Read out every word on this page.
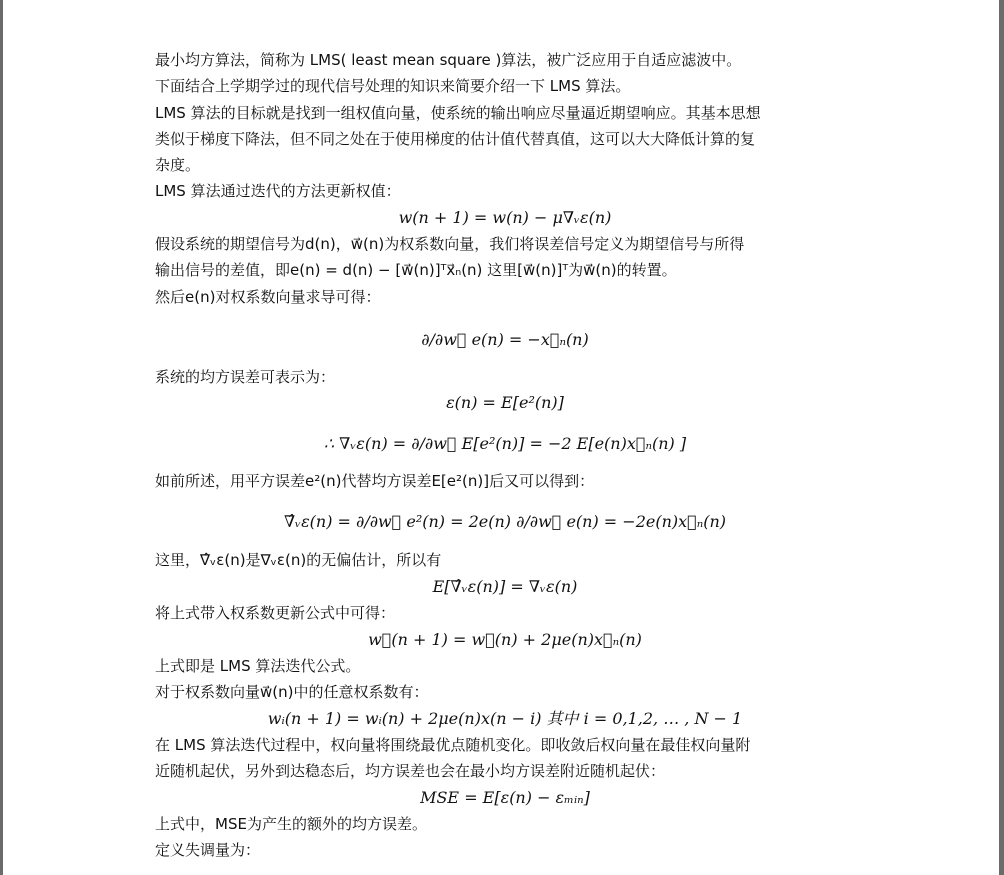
最小均方算法，简称为 LMS( least mean square )算法，被广泛应用于自适应滤波中。
下面结合上学期学过的现代信号处理的知识来简要介绍一下 LMS 算法。
LMS 算法的目标就是找到一组权值向量，使系统的输出响应尽量逼近期望响应。其基本思想
类似于梯度下降法，但不同之处在于使用梯度的估计值代替真值，这可以大大降低计算的复
杂度。
LMS 算法通过迭代的方法更新权值：
w(n + 1) = w(n) − μ∇ᵥε(n)
假设系统的期望信号为d(n)，w⃗(n)为权系数向量，我们将误差信号定义为期望信号与所得
输出信号的差值，即e(n) = d(n) − [w⃗(n)]ᵀx⃗ₙ(n) 这里[w⃗(n)]ᵀ为w⃗(n)的转置。
然后e(n)对权系数向量求导可得：
∂/∂w⃗ e(n) = −x⃗ₙ(n)
系统的均方误差可表示为：
ε(n) = E[e²(n)]
∴ ∇ᵥε(n) = ∂/∂w⃗ E[e²(n)] = −2 E[e(n)x⃗ₙ(n) ]
如前所述，用平方误差e²(n)代替均方误差E[e²(n)]后又可以得到：
∇̂ᵥε(n) = ∂/∂w⃗ e²(n) = 2e(n) ∂/∂w⃗ e(n) = −2e(n)x⃗ₙ(n)
这里，∇̂ᵥε(n)是∇ᵥε(n)的无偏估计，所以有
E[∇̂ᵥε(n)] = ∇ᵥε(n)
将上式带入权系数更新公式中可得：
w⃗(n + 1) = w⃗(n) + 2μe(n)x⃗ₙ(n)
上式即是 LMS 算法迭代公式。
对于权系数向量w⃗(n)中的任意权系数有：
wᵢ(n + 1) = wᵢ(n) + 2μe(n)x(n − i) 其中 i = 0,1,2, … , N − 1
在 LMS 算法迭代过程中，权向量将围绕最优点随机变化。即收敛后权向量在最佳权向量附
近随机起伏，另外到达稳态后，均方误差也会在最小均方误差附近随机起伏：
MSE = E[ε(n) − εₘᵢₙ]
上式中，MSE为产生的额外的均方误差。
定义失调量为：
